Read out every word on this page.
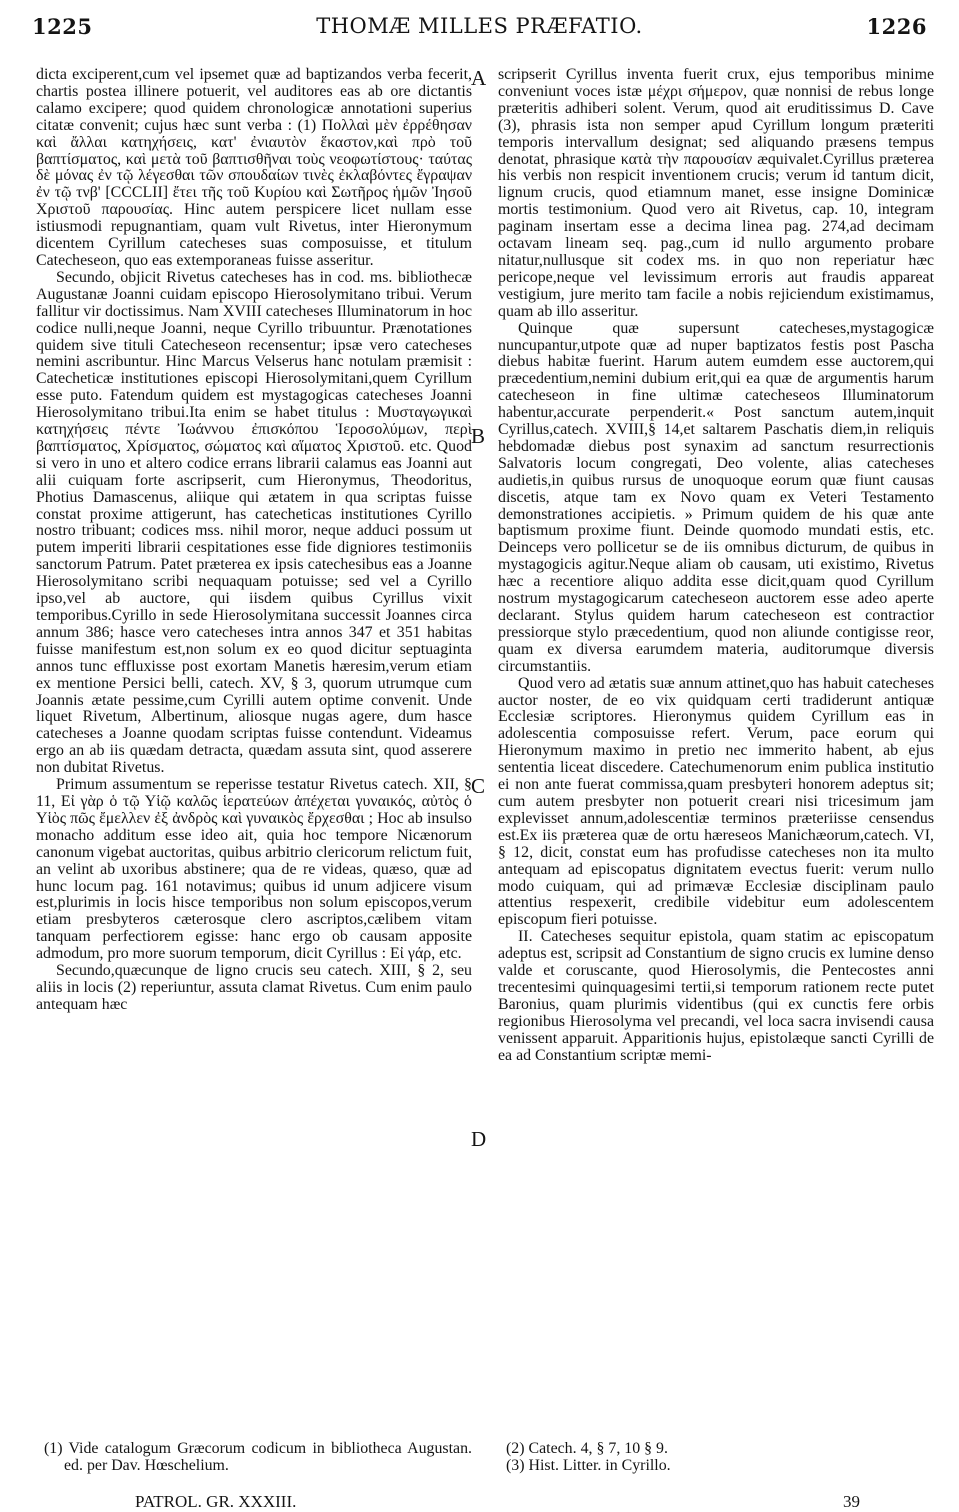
1225	THOMÆ MILLES PRÆFATIO.	1226

dicta exciperent,cum vel ipsemet quæ ad baptizandos verba fecerit, chartis postea illinere potuerit, vel auditores eas ab ore dictantis calamo excipere; quod quidem chronologicæ annotationi superius citatæ convenit; cujus hæc sunt verba : (1) Πολλαὶ μὲν ἐρρέθησαν καὶ ἄλλαι κατηχήσεις, κατ' ἐνιαυτὸν ἕκαστον,καὶ πρὸ τοῦ βαπτίσματος, καὶ μετὰ τοῦ βαπτισθῆναι τοὺς νεοφωτίστους· ταύτας δὲ μόνας ἐν τῷ λέγεσθαι τῶν σπουδαίων τινὲς ἐκλαβόντες ἔγραψαν ἐν τῷ τνβ' [CCCLII] ἔτει τῆς τοῦ Κυρίου καὶ Σωτῆρος ἡμῶν Ἰησοῦ Χριστοῦ παρουσίας. Hinc autem perspicere licet nullam esse istiusmodi repugnantiam, quam vult Rivetus, inter Hieronymum dicentem Cyrillum catecheses suas composuisse, et titulum Catecheseon, quo eas extemporaneas fuisse asseritur.

Secundo, objicit Rivetus catecheses has in cod. ms. bibliothecæ Augustanæ Joanni cuidam episcopo Hierosolymitano tribui. Verum fallitur vir doctissimus. Nam XVIII catecheses Illuminatorum in hoc codice nulli,neque Joanni, neque Cyrillo tribuuntur. Prænotationes quidem sive tituli Catecheseon recensentur; ipsæ vero catecheses nemini ascribuntur. Hinc Marcus Velserus hanc notulam præmisit : Catecheticæ institutiones episcopi Hierosolymitani,quem Cyrillum esse puto. Fatendum quidem est mystagogicas catecheses Joanni Hierosolymitano tribui.Ita enim se habet titulus : Μυσταγωγικαὶ κατηχήσεις πέντε Ἰωάννου ἐπισκόπου Ἱεροσολύμων, περὶ βαπτίσματος, Χρίσματος, σώματος καὶ αἵματος Χριστοῦ. etc. Quod si vero in uno et altero codice errans librarii calamus eas Joanni aut alii cuiquam forte ascripserit, cum Hieronymus, Theodoritus, Photius Damascenus, aliique qui ætatem in qua scriptas fuisse constat proxime attigerunt, has catecheticas institutiones Cyrillo nostro tribuant; codices mss. nihil moror, neque adduci possum ut putem imperiti librarii cespitationes esse fide digniores testimoniis sanctorum Patrum. Patet præterea ex ipsis catechesibus eas a Joanne Hierosolymitano scribi nequaquam potuisse; sed vel a Cyrillo ipso,vel ab auctore, qui iisdem quibus Cyrillus vixit temporibus.Cyrillo in sede Hierosolymitana successit Joannes circa annum 386; hasce vero catecheses intra annos 347 et 351 habitas fuisse manifestum est,non solum ex eo quod dicitur septuaginta annos tunc effluxisse post exortam Manetis hæresim,verum etiam ex mentione Persici belli, catech. XV, § 3, quorum utrumque cum Joannis ætate pessime,cum Cyrilli autem optime convenit. Unde liquet Rivetum, Albertinum, aliosque nugas agere, dum hasce catecheses a Joanne quodam scriptas fuisse contendunt. Videamus ergo an ab iis quædam detracta, quædam assuta sint, quod asserere non dubitat Rivetus.

Primum assumentum se reperisse testatur Rivetus catech. XII, § 11, Εἰ γὰρ ὁ τῷ Υἱῷ καλῶς ἱερατεύων ἀπέχεται γυναικός, αὐτὸς ὁ Υἱὸς πῶς ἔμελλεν ἐξ ἀνδρὸς καὶ γυναικὸς ἔρχεσθαι ; Hoc ab insulso monacho additum esse ideo ait, quia hoc tempore Nicænorum canonum vigebat auctoritas, quibus arbitrio clericorum relictum fuit, an velint ab uxoribus abstinere; qua de re videas, quæso, quæ ad hunc locum pag. 161 notavimus; quibus id unum adjicere visum est,plurimis in locis hisce temporibus non solum episcopos,verum etiam presbyteros cæterosque clero ascriptos,cælibem vitam tanquam perfectiorem egisse: hanc ergo ob causam apposite admodum, pro more suorum temporum, dicit Cyrillus : Εἰ γάρ, etc.

Secundo,quæcunque de ligno crucis seu catech. XIII, § 2, seu aliis in locis (2) reperiuntur, assuta clamat Rivetus. Cum enim paulo antequam hæc

A
B
C
D

scripserit Cyrillus inventa fuerit crux, ejus temporibus minime conveniunt voces istæ μέχρι σήμερον, quæ nonnisi de rebus longe præteritis adhiberi solent. Verum, quod ait eruditissimus D. Cave (3), phrasis ista non semper apud Cyrillum longum præteriti temporis intervallum designat; sed aliquando præsens tempus denotat, phrasique κατὰ τὴν παρουσίαν æquivalet.Cyrillus præterea his verbis non respicit inventionem crucis; verum id tantum dicit, lignum crucis, quod etiamnum manet, esse insigne Dominicæ mortis testimonium. Quod vero ait Rivetus, cap. 10, integram paginam insertam esse a decima linea pag. 274,ad decimam octavam lineam seq. pag.,cum id nullo argumento probare nitatur,nullusque sit codex ms. in quo non reperiatur hæc pericope,neque vel levissimum erroris aut fraudis appareat vestigium, jure merito tam facile a nobis rejiciendum existimamus, quam ab illo asseritur.

Quinque quæ supersunt catecheses,mystagogicæ nuncupantur,utpote quæ ad nuper baptizatos festis post Pascha diebus habitæ fuerint. Harum autem eumdem esse auctorem,qui præcedentium,nemini dubium erit,qui ea quæ de argumentis harum catecheseon in fine ultimæ catecheseos Illuminatorum habentur,accurate perpenderit.« Post sanctum autem,inquit Cyrillus,catech. XVIII,§ 14,et saltarem Paschatis diem,in reliquis hebdomadæ diebus post synaxim ad sanctum resurrectionis Salvatoris locum congregati, Deo volente, alias catecheses audietis,in quibus rursus de unoquoque eorum quæ fiunt causas discetis, atque tam ex Novo quam ex Veteri Testamento demonstrationes accipietis. » Primum quidem de his quæ ante baptismum proxime fiunt. Deinde quomodo mundati estis, etc. Deinceps vero pollicetur se de iis omnibus dicturum, de quibus in mystagogicis agitur.Neque aliam ob causam, uti existimo, Rivetus hæc a recentiore aliquo addita esse dicit,quam quod Cyrillum nostrum mystagogicarum catecheseon auctorem esse adeo aperte declarant. Stylus quidem harum catecheseon est contractior pressiorque stylo præcedentium, quod non aliunde contigisse reor, quam ex diversa earumdem materia, auditorumque diversis circumstantiis.

Quod vero ad ætatis suæ annum attinet,quo has habuit catecheses auctor noster, de eo vix quidquam certi tradiderunt antiquæ Ecclesiæ scriptores. Hieronymus quidem Cyrillum eas in adolescentia composuisse refert. Verum, pace eorum qui Hieronymum maximo in pretio nec immerito habent, ab ejus sententia liceat discedere. Catechumenorum enim publica institutio ei non ante fuerat commissa,quam presbyteri honorem adeptus sit; cum autem presbyter non potuerit creari nisi tricesimum jam explevisset annum,adolescentiæ terminos præteriisse censendus est.Ex iis præterea quæ de ortu hæreseos Manichæorum,catech. VI, § 12, dicit, constat eum has profudisse catecheses non ita multo antequam ad episcopatus dignitatem evectus fuerit: verum nullo modo cuiquam, qui ad primævæ Ecclesiæ disciplinam paulo attentius respexerit, credibile videbitur eum adolescentem episcopum fieri potuisse.

II. Catecheses sequitur epistola, quam statim ac episcopatum adeptus est, scripsit ad Constantium de signo crucis ex lumine denso valde et coruscante, quod Hierosolymis, die Pentecostes anni trecentesimi quinquagesimi tertii,si temporum rationem recte putet Baronius, quam plurimis videntibus (qui ex cunctis fere orbis regionibus Hierosolyma vel precandi, vel loca sacra invisendi causa venissent apparuit. Apparitionis hujus, epistolæque sancti Cyrilli de ea ad Constantium scriptæ memi-

(1) Vide catalogum Græcorum codicum in bibliotheca Augustan. ed. per Dav. Hœschelium.

(2) Catech. 4, § 7, 10 § 9.

(3) Hist. Litter. in Cyrillo.

PATROL. GR. XXXIII.	39
